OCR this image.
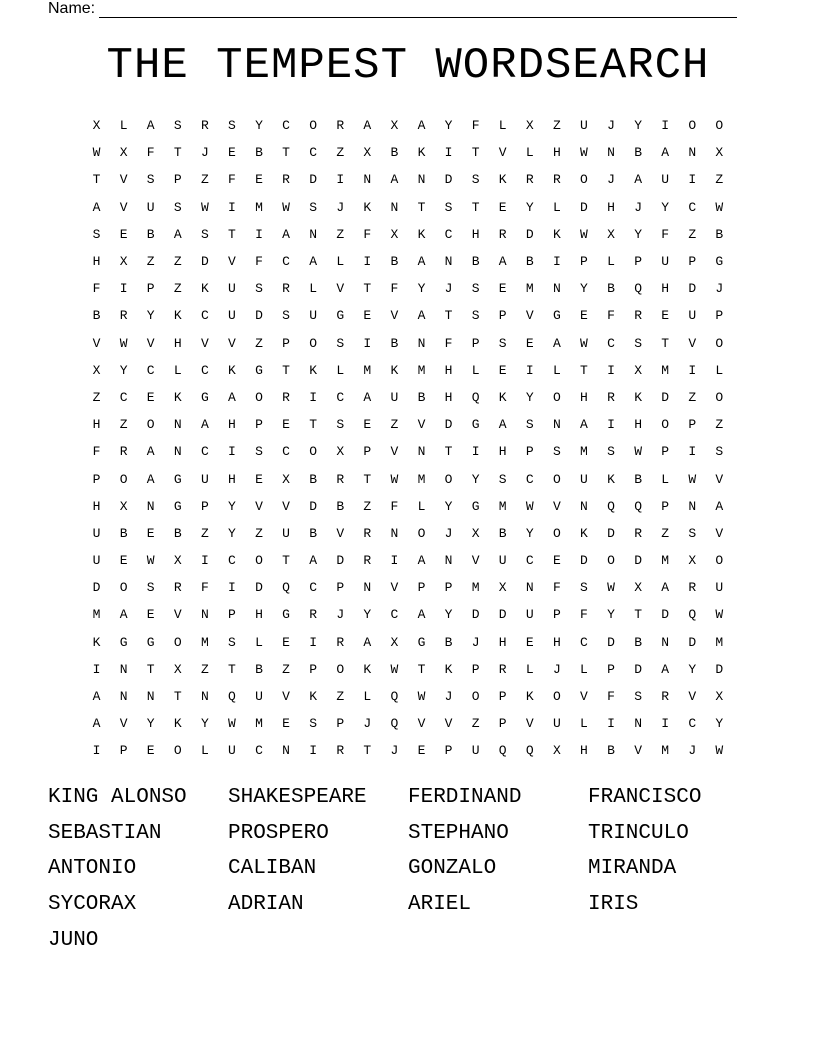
Name:
THE TEMPEST WORDSEARCH
X	L	A	S	R	S	Y	C	O	R	A	X	A	Y	F	L	X	Z	U	J	Y	I	O	O
W	X	F	T	J	E	B	T	C	Z	X	B	K	I	T	V	L	H	W	N	B	A	N	X
T	V	S	P	Z	F	E	R	D	I	N	A	N	D	S	K	R	R	O	J	A	U	I	Z
A	V	U	S	W	I	M	W	S	J	K	N	T	S	T	E	Y	L	D	H	J	Y	C	W
S	E	B	A	S	T	I	A	N	Z	F	X	K	C	H	R	D	K	W	X	Y	F	Z	B
H	X	Z	Z	D	V	F	C	A	L	I	B	A	N	B	A	B	I	P	L	P	U	P	G
F	I	P	Z	K	U	S	R	L	V	T	F	Y	J	S	E	M	N	Y	B	Q	H	D	J
B	R	Y	K	C	U	D	S	U	G	E	V	A	T	S	P	V	G	E	F	R	E	U	P
V	W	V	H	V	V	Z	P	O	S	I	B	N	F	P	S	E	A	W	C	S	T	V	O
X	Y	C	L	C	K	G	T	K	L	M	K	M	H	L	E	I	L	T	I	X	M	I	L
Z	C	E	K	G	A	O	R	I	C	A	U	B	H	Q	K	Y	O	H	R	K	D	Z	O
H	Z	O	N	A	H	P	E	T	S	E	Z	V	D	G	A	S	N	A	I	H	O	P	Z
F	R	A	N	C	I	S	C	O	X	P	V	N	T	I	H	P	S	M	S	W	P	I	S
P	O	A	G	U	H	E	X	B	R	T	W	M	O	Y	S	C	O	U	K	B	L	W	V
H	X	N	G	P	Y	V	V	D	B	Z	F	L	Y	G	M	W	V	N	Q	Q	P	N	A
U	B	E	B	Z	Y	Z	U	B	V	R	N	O	J	X	B	Y	O	K	D	R	Z	S	V
U	E	W	X	I	C	O	T	A	D	R	I	A	N	V	U	C	E	D	O	D	M	X	O
D	O	S	R	F	I	D	Q	C	P	N	V	P	P	M	X	N	F	S	W	X	A	R	U
M	A	E	V	N	P	H	G	R	J	Y	C	A	Y	D	D	U	P	F	Y	T	D	Q	W
K	G	G	O	M	S	L	E	I	R	A	X	G	B	J	H	E	H	C	D	B	N	D	M
I	N	T	X	Z	T	B	Z	P	O	K	W	T	K	P	R	L	J	L	P	D	A	Y	D
A	N	N	T	N	Q	U	V	K	Z	L	Q	W	J	O	P	K	O	V	F	S	R	V	X
A	V	Y	K	Y	W	M	E	S	P	J	Q	V	V	Z	P	V	U	L	I	N	I	C	Y
I	P	E	O	L	U	C	N	I	R	T	J	E	P	U	Q	Q	X	H	B	V	M	J	W
KING ALONSO	SHAKESPEARE	FERDINAND	FRANCISCO
SEBASTIAN	PROSPERO	STEPHANO	TRINCULO
ANTONIO	CALIBAN	GONZALO	MIRANDA
SYCORAX	ADRIAN	ARIEL	IRIS
JUNO
